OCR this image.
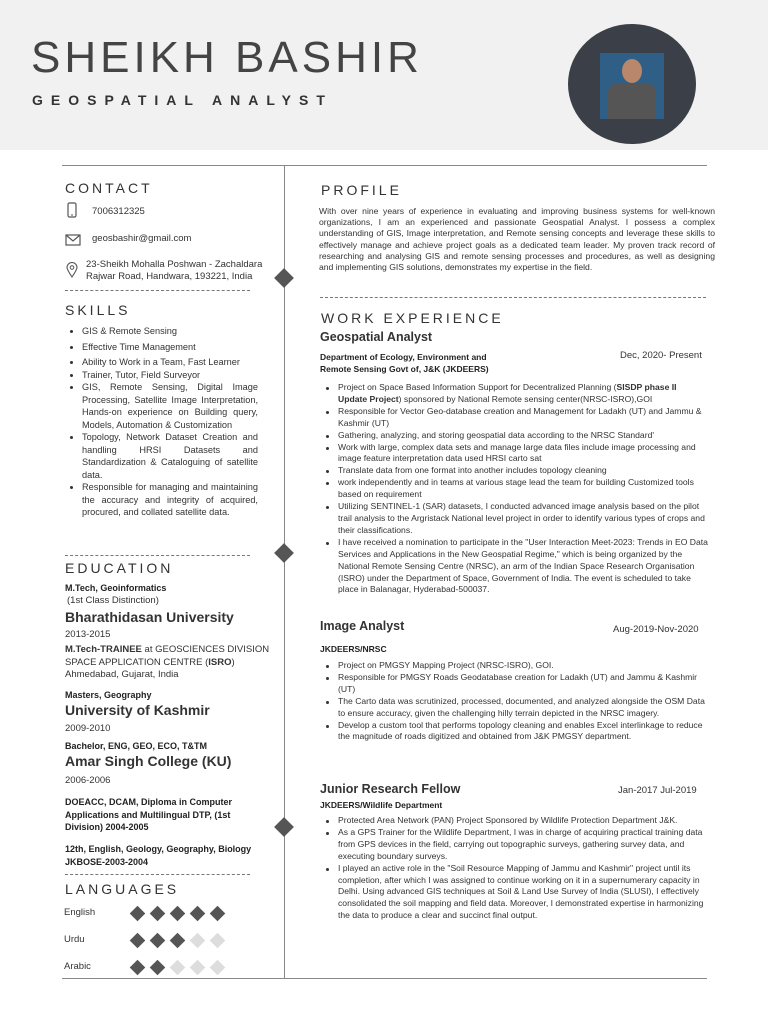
SHEIKH BASHIR
GEOSPATIAL ANALYST
CONTACT
7006312325
geosbashir@gmail.com
23-Sheikh Mohalla Poshwan - Zachaldara
Rajwar Road, Handwara, 193221, India
SKILLS
GIS & Remote Sensing
Effective Time Management
Ability to Work in a Team, Fast Learner
Trainer, Tutor, Field Surveyor
GIS, Remote Sensing, Digital Image Processing, Satellite Image Interpretation, Hands-on experience on Building query, Models, Automation & Customization
Topology, Network Dataset Creation and handling HRSI Datasets and Standardization & Cataloguing of satellite data.
Responsible for managing and maintaining the accuracy and integrity of acquired, procured, and collated satellite data.
EDUCATION
M.Tech, Geoinformatics
(1st Class Distinction)
Bharathidasan University
2013-2015
M.Tech-TRAINEE at GEOSCIENCES DIVISION SPACE APPLICATION CENTRE (ISRO)
Ahmedabad, Gujarat, India
Masters, Geography
University of Kashmir
2009-2010
Bachelor, ENG, GEO, ECO, T&TM
Amar Singh College (KU)
2006-2006
DOEACC, DCAM, Diploma in Computer Applications and Multilingual DTP, (1st Division) 2004-2005
12th, English, Geology, Geography, Biology JKBOSE-2003-2004
LANGUAGES
English
Urdu
Arabic
PROFILE
With over nine years of experience in evaluating and improving business systems for well-known organizations, I am an experienced and passionate Geospatial Analyst. I possess a complex understanding of GIS, Image interpretation, and Remote sensing concepts and leverage these skills to effectively manage and achieve project goals as a dedicated team leader. My proven track record of researching and analysing GIS and remote sensing processes and procedures, as well as designing and implementing GIS solutions, demonstrates my expertise in the field.
WORK EXPERIENCE
Geospatial Analyst
Department of Ecology, Environment and Remote Sensing Govt of, J&K (JKDEERS)
Dec, 2020- Present
Project on Space Based Information Support for Decentralized Planning (SISDP phase II Update Project) sponsored by National Remote sensing center(NRSC-ISRO),GOI
Responsible for Vector Geo-database creation and Management for Ladakh (UT) and Jammu & Kashmir (UT)
Gathering, analyzing, and storing geospatial data according to the NRSC Standard'
Work with large, complex data sets and manage large data files include image processing and image feature interpretation data used HRSI carto sat
Translate data from one format into another includes topology cleaning
work independently and in teams at various stage lead the team for building Customized tools based on requirement
Utilizing SENTINEL-1 (SAR) datasets, I conducted advanced image analysis based on the pilot trail analysis to the Argristack National level project in order to identify various types of crops and their classifications.
I have received a nomination to participate in the "User Interaction Meet-2023: Trends in EO Data Services and Applications in the New Geospatial Regime," which is being organized by the National Remote Sensing Centre (NRSC), an arm of the Indian Space Research Organisation (ISRO) under the Department of Space, Government of India. The event is scheduled to take place in Balanagar, Hyderabad-500037.
Image Analyst	Aug-2019-Nov-2020
JKDEERS/NRSC
Project on PMGSY Mapping Project (NRSC-ISRO), GOI.
Responsible for PMGSY Roads Geodatabase creation for Ladakh (UT) and Jammu & Kashmir (UT)
The Carto data was scrutinized, processed, documented, and analyzed alongside the OSM Data to ensure accuracy, given the challenging hilly terrain depicted in the NRSC imagery.
Develop a custom tool that performs topology cleaning and enables Excel interlinkage to reduce the magnitude of roads digitized and obtained from J&K PMGSY department.
Junior Research Fellow	Jan-2017 Jul-2019
JKDEERS/Wildlife Department
Protected Area Network (PAN) Project Sponsored by Wildlife Protection Department J&K.
As a GPS Trainer for the Wildlife Department, I was in charge of acquiring practical training data from GPS devices in the field, carrying out topographic surveys, gathering survey data, and executing boundary surveys.
I played an active role in the "Soil Resource Mapping of Jammu and Kashmir" project until its completion, after which I was assigned to continue working on it in a supernumerary capacity in Delhi. Using advanced GIS techniques at Soil & Land Use Survey of India (SLUSI), I effectively consolidated the soil mapping and field data. Moreover, I demonstrated expertise in harmonizing the data to produce a clear and succinct final output.
